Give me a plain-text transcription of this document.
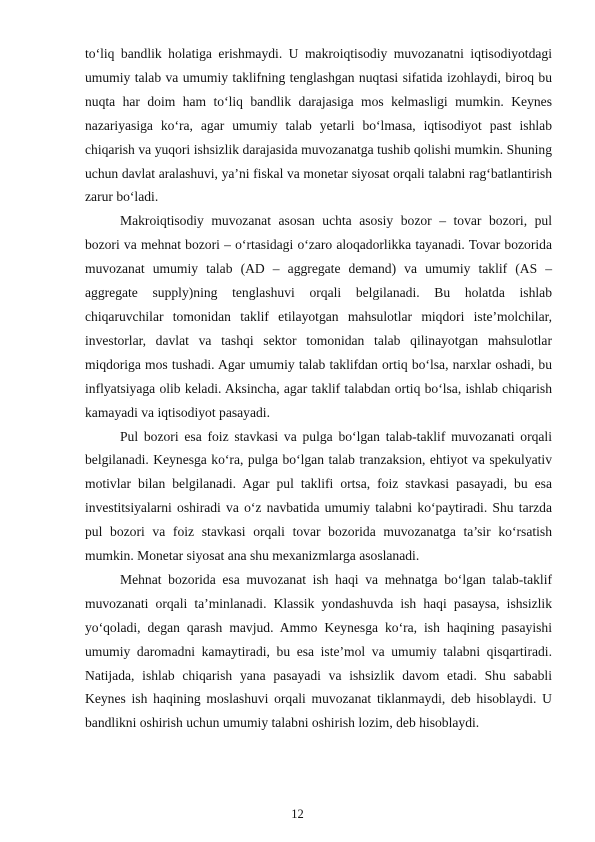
to‘liq bandlik holatiga erishmaydi. U makroiqtisodiy muvozanatni iqtisodiyotdagi umumiy talab va umumiy taklifning tenglashgan nuqtasi sifatida izohlaydi, biroq bu nuqta har doim ham to‘liq bandlik darajasiga mos kelmasligi mumkin. Keynes nazariyasiga ko‘ra, agar umumiy talab yetarli bo‘lmasa, iqtisodiyot past ishlab chiqarish va yuqori ishsizlik darajasida muvozanatga tushib qolishi mumkin. Shuning uchun davlat aralashuvi, ya’ni fiskal va monetar siyosat orqali talabni rag‘batlantirish zarur bo‘ladi.

Makroiqtisodiy muvozanat asosan uchta asosiy bozor – tovar bozori, pul bozori va mehnat bozori – o‘rtasidagi o‘zaro aloqadorlikka tayanadi. Tovar bozorida muvozanat umumiy talab (AD – aggregate demand) va umumiy taklif (AS – aggregate supply)ning tenglashuvi orqali belgilanadi. Bu holatda ishlab chiqaruvchilar tomonidan taklif etilayotgan mahsulotlar miqdori iste’molchilar, investorlar, davlat va tashqi sektor tomonidan talab qilinayotgan mahsulotlar miqdoriga mos tushadi. Agar umumiy talab taklifdan ortiq bo‘lsa, narxlar oshadi, bu inflyatsiyaga olib keladi. Aksincha, agar taklif talabdan ortiq bo‘lsa, ishlab chiqarish kamayadi va iqtisodiyot pasayadi.

Pul bozori esa foiz stavkasi va pulga bo‘lgan talab-taklif muvozanati orqali belgilanadi. Keynesga ko‘ra, pulga bo‘lgan talab tranzaksion, ehtiyot va spekulyativ motivlar bilan belgilanadi. Agar pul taklifi ortsa, foiz stavkasi pasayadi, bu esa investitsiyalarni oshiradi va o‘z navbatida umumiy talabni ko‘paytiradi. Shu tarzda pul bozori va foiz stavkasi orqali tovar bozorida muvozanatga ta’sir ko‘rsatish mumkin. Monetar siyosat ana shu mexanizmlarga asoslanadi.

Mehnat bozorida esa muvozanat ish haqi va mehnatga bo‘lgan talab-taklif muvozanati orqali ta’minlanadi. Klassik yondashuvda ish haqi pasaysa, ishsizlik yo‘qoladi, degan qarash mavjud. Ammo Keynesga ko‘ra, ish haqining pasayishi umumiy daromadni kamaytiradi, bu esa iste’mol va umumiy talabni qisqartiradi. Natijada, ishlab chiqarish yana pasayadi va ishsizlik davom etadi. Shu sababli Keynes ish haqining moslashuvi orqali muvozanat tiklanmaydi, deb hisoblaydi. U bandlikni oshirish uchun umumiy talabni oshirish lozim, deb hisoblaydi.

12
